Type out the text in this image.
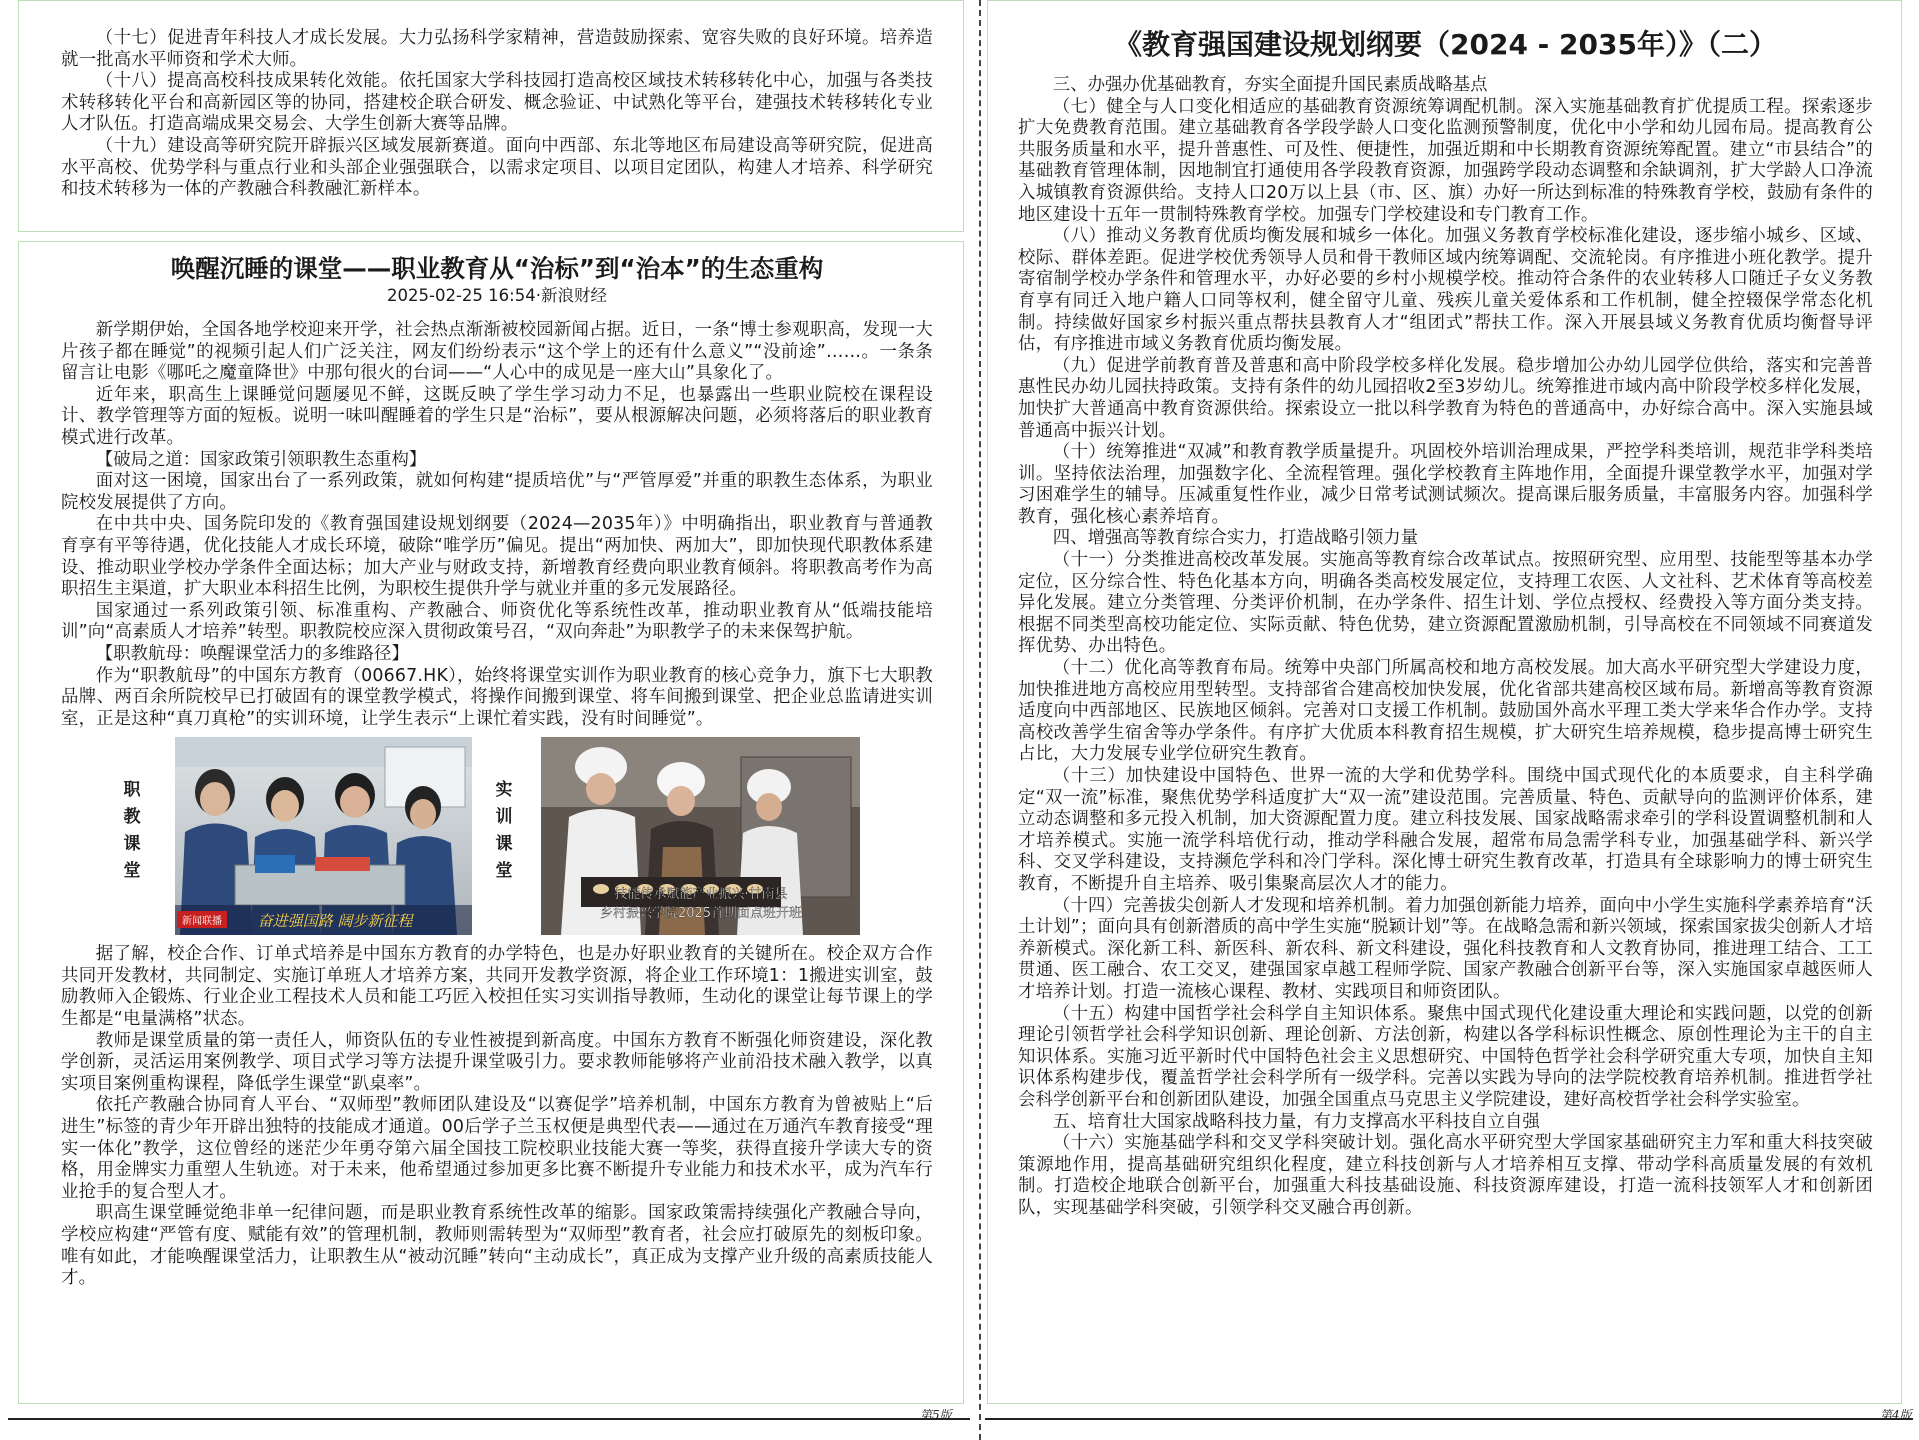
（十七）促进青年科技人才成长发展。大力弘扬科学家精神，营造鼓励探索、宽容失败的良好环境。培养造就一批高水平师资和学术大师。

（十八）提高高校科技成果转化效能。依托国家大学科技园打造高校区域技术转移转化中心，加强与各类技术转移转化平台和高新园区等的协同，搭建校企联合研发、概念验证、中试熟化等平台，建强技术转移转化专业人才队伍。打造高端成果交易会、大学生创新大赛等品牌。

（十九）建设高等研究院开辟振兴区域发展新赛道。面向中西部、东北等地区布局建设高等研究院，促进高水平高校、优势学科与重点行业和头部企业强强联合，以需求定项目、以项目定团队，构建人才培养、科学研究和技术转移为一体的产教融合科教融汇新样本。

唤醒沉睡的课堂——职业教育从“治标”到“治本”的生态重构
2025-02-25 16:54·新浪财经

新学期伊始，全国各地学校迎来开学，社会热点渐渐被校园新闻占据。近日，一条“博士参观职高，发现一大片孩子都在睡觉”的视频引起人们广泛关注，网友们纷纷表示“这个学上的还有什么意义”“没前途”……。一条条留言让电影《哪吒之魔童降世》中那句很火的台词——“人心中的成见是一座大山”具象化了。

近年来，职高生上课睡觉问题屡见不鲜，这既反映了学生学习动力不足，也暴露出一些职业院校在课程设计、教学管理等方面的短板。说明一味叫醒睡着的学生只是“治标”，要从根源解决问题，必须将落后的职业教育模式进行改革。

【破局之道：国家政策引领职教生态重构】

面对这一困境，国家出台了一系列政策，就如何构建“提质培优”与“严管厚爱”并重的职教生态体系，为职业院校发展提供了方向。

在中共中央、国务院印发的《教育强国建设规划纲要（2024—2035年）》中明确指出，职业教育与普通教育享有平等待遇，优化技能人才成长环境，破除“唯学历”偏见。提出“两加快、两加大”，即加快现代职教体系建设、推动职业学校办学条件全面达标；加大产业与财政支持，新增教育经费向职业教育倾斜。将职教高考作为高职招生主渠道，扩大职业本科招生比例，为职校生提供升学与就业并重的多元发展路径。

国家通过一系列政策引领、标准重构、产教融合、师资优化等系统性改革，推动职业教育从“低端技能培训”向“高素质人才培养”转型。职教院校应深入贯彻政策号召，“双向奔赴”为职教学子的未来保驾护航。

【职教航母：唤醒课堂活力的多维路径】

作为“职教航母”的中国东方教育（00667.HK），始终将课堂实训作为职业教育的核心竞争力，旗下七大职教品牌、两百余所院校早已打破固有的课堂教学模式，将操作间搬到课堂、将车间搬到课堂、把企业总监请进实训室，正是这种“真刀真枪”的实训环境，让学生表示“上课忙着实践，没有时间睡觉”。

职教课堂
新闻联播 奋进强国路 阔步新征程
实训课堂
技能传承赋能产业振兴·甘南县
乡村振兴学院2025首期面点班开班

据了解，校企合作、订单式培养是中国东方教育的办学特色，也是办好职业教育的关键所在。校企双方合作共同开发教材，共同制定、实施订单班人才培养方案，共同开发教学资源，将企业工作环境1：1搬进实训室，鼓励教师入企锻炼、行业企业工程技术人员和能工巧匠入校担任实习实训指导教师，生动化的课堂让每节课上的学生都是“电量满格”状态。

教师是课堂质量的第一责任人，师资队伍的专业性被提到新高度。中国东方教育不断强化师资建设，深化教学创新，灵活运用案例教学、项目式学习等方法提升课堂吸引力。要求教师能够将产业前沿技术融入教学，以真实项目案例重构课程，降低学生课堂“趴桌率”。

依托产教融合协同育人平台、“双师型”教师团队建设及“以赛促学”培养机制，中国东方教育为曾被贴上“后进生”标签的青少年开辟出独特的技能成才通道。00后学子兰玉权便是典型代表——通过在万通汽车教育接受“理实一体化”教学，这位曾经的迷茫少年勇夺第六届全国技工院校职业技能大赛一等奖，获得直接升学读大专的资格，用金牌实力重塑人生轨迹。对于未来，他希望通过参加更多比赛不断提升专业能力和技术水平，成为汽车行业抢手的复合型人才。

职高生课堂睡觉绝非单一纪律问题，而是职业教育系统性改革的缩影。国家政策需持续强化产教融合导向，学校应构建“严管有度、赋能有效”的管理机制，教师则需转型为“双师型”教育者，社会应打破原先的刻板印象。唯有如此，才能唤醒课堂活力，让职教生从“被动沉睡”转向“主动成长”，真正成为支撑产业升级的高素质技能人才。

《教育强国建设规划纲要（2024 - 2035年）》（二）

三、办强办优基础教育，夯实全面提升国民素质战略基点

（七）健全与人口变化相适应的基础教育资源统筹调配机制。深入实施基础教育扩优提质工程。探索逐步扩大免费教育范围。建立基础教育各学段学龄人口变化监测预警制度，优化中小学和幼儿园布局。提高教育公共服务质量和水平，提升普惠性、可及性、便捷性，加强近期和中长期教育资源统筹配置。建立“市县结合”的基础教育管理体制，因地制宜打通使用各学段教育资源，加强跨学段动态调整和余缺调剂，扩大学龄人口净流入城镇教育资源供给。支持人口20万以上县（市、区、旗）办好一所达到标准的特殊教育学校，鼓励有条件的地区建设十五年一贯制特殊教育学校。加强专门学校建设和专门教育工作。

（八）推动义务教育优质均衡发展和城乡一体化。加强义务教育学校标准化建设，逐步缩小城乡、区域、校际、群体差距。促进学校优秀领导人员和骨干教师区域内统筹调配、交流轮岗。有序推进小班化教学。提升寄宿制学校办学条件和管理水平，办好必要的乡村小规模学校。推动符合条件的农业转移人口随迁子女义务教育享有同迁入地户籍人口同等权利，健全留守儿童、残疾儿童关爱体系和工作机制，健全控辍保学常态化机制。持续做好国家乡村振兴重点帮扶县教育人才“组团式”帮扶工作。深入开展县域义务教育优质均衡督导评估，有序推进市域义务教育优质均衡发展。

（九）促进学前教育普及普惠和高中阶段学校多样化发展。稳步增加公办幼儿园学位供给，落实和完善普惠性民办幼儿园扶持政策。支持有条件的幼儿园招收2至3岁幼儿。统筹推进市域内高中阶段学校多样化发展，加快扩大普通高中教育资源供给。探索设立一批以科学教育为特色的普通高中，办好综合高中。深入实施县域普通高中振兴计划。

（十）统筹推进“双减”和教育教学质量提升。巩固校外培训治理成果，严控学科类培训，规范非学科类培训。坚持依法治理，加强数字化、全流程管理。强化学校教育主阵地作用，全面提升课堂教学水平，加强对学习困难学生的辅导。压减重复性作业，减少日常考试测试频次。提高课后服务质量，丰富服务内容。加强科学教育，强化核心素养培育。

四、增强高等教育综合实力，打造战略引领力量

（十一）分类推进高校改革发展。实施高等教育综合改革试点。按照研究型、应用型、技能型等基本办学定位，区分综合性、特色化基本方向，明确各类高校发展定位，支持理工农医、人文社科、艺术体育等高校差异化发展。建立分类管理、分类评价机制，在办学条件、招生计划、学位点授权、经费投入等方面分类支持。根据不同类型高校功能定位、实际贡献、特色优势，建立资源配置激励机制，引导高校在不同领域不同赛道发挥优势、办出特色。

（十二）优化高等教育布局。统筹中央部门所属高校和地方高校发展。加大高水平研究型大学建设力度，加快推进地方高校应用型转型。支持部省合建高校加快发展，优化省部共建高校区域布局。新增高等教育资源适度向中西部地区、民族地区倾斜。完善对口支援工作机制。鼓励国外高水平理工类大学来华合作办学。支持高校改善学生宿舍等办学条件。有序扩大优质本科教育招生规模，扩大研究生培养规模，稳步提高博士研究生占比，大力发展专业学位研究生教育。

（十三）加快建设中国特色、世界一流的大学和优势学科。围绕中国式现代化的本质要求，自主科学确定“双一流”标准，聚焦优势学科适度扩大“双一流”建设范围。完善质量、特色、贡献导向的监测评价体系，建立动态调整和多元投入机制，加大资源配置力度。建立科技发展、国家战略需求牵引的学科设置调整机制和人才培养模式。实施一流学科培优行动，推动学科融合发展，超常布局急需学科专业，加强基础学科、新兴学科、交叉学科建设，支持濒危学科和冷门学科。深化博士研究生教育改革，打造具有全球影响力的博士研究生教育，不断提升自主培养、吸引集聚高层次人才的能力。

（十四）完善拔尖创新人才发现和培养机制。着力加强创新能力培养，面向中小学生实施科学素养培育“沃土计划”；面向具有创新潜质的高中学生实施“脱颖计划”等。在战略急需和新兴领域，探索国家拔尖创新人才培养新模式。深化新工科、新医科、新农科、新文科建设，强化科技教育和人文教育协同，推进理工结合、工工贯通、医工融合、农工交叉，建强国家卓越工程师学院、国家产教融合创新平台等，深入实施国家卓越医师人才培养计划。打造一流核心课程、教材、实践项目和师资团队。

（十五）构建中国哲学社会科学自主知识体系。聚焦中国式现代化建设重大理论和实践问题，以党的创新理论引领哲学社会科学知识创新、理论创新、方法创新，构建以各学科标识性概念、原创性理论为主干的自主知识体系。实施习近平新时代中国特色社会主义思想研究、中国特色哲学社会科学研究重大专项，加快自主知识体系构建步伐，覆盖哲学社会科学所有一级学科。完善以实践为导向的法学院校教育培养机制。推进哲学社会科学创新平台和创新团队建设，加强全国重点马克思主义学院建设，建好高校哲学社会科学实验室。

五、培育壮大国家战略科技力量，有力支撑高水平科技自立自强

（十六）实施基础学科和交叉学科突破计划。强化高水平研究型大学国家基础研究主力军和重大科技突破策源地作用，提高基础研究组织化程度，建立科技创新与人才培养相互支撑、带动学科高质量发展的有效机制。打造校企地联合创新平台，加强重大科技基础设施、科技资源库建设，打造一流科技领军人才和创新团队，实现基础学科突破，引领学科交叉融合再创新。

第5版	第4版
